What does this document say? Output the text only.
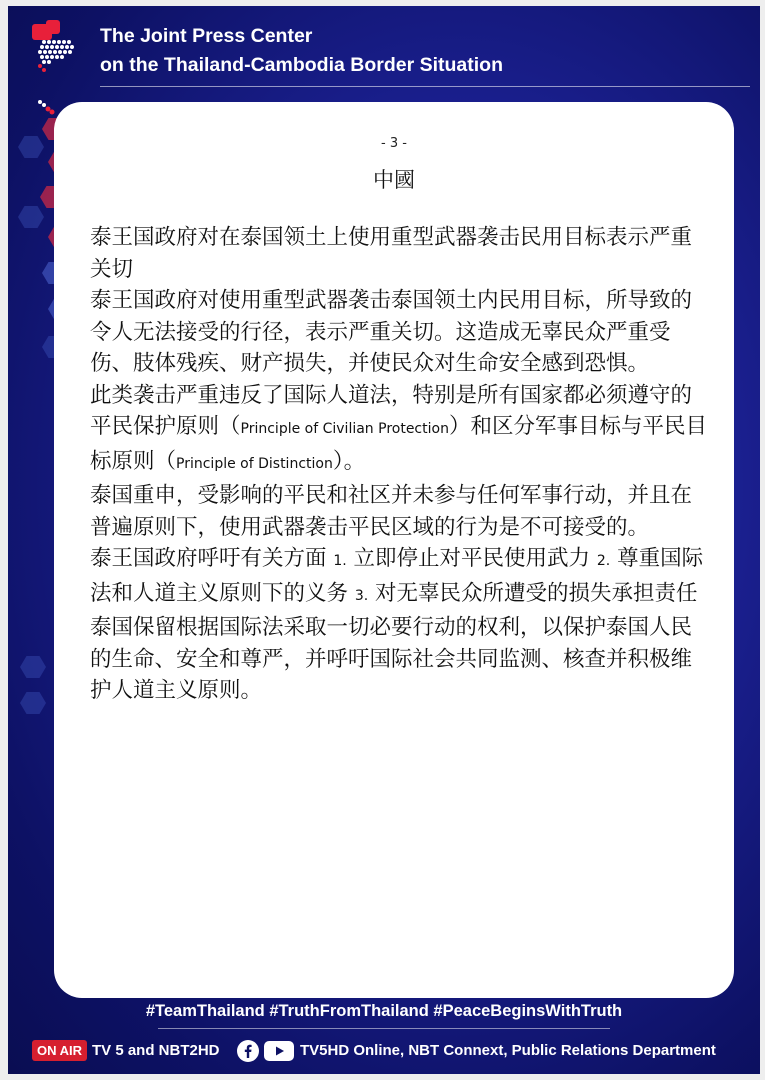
The Joint Press Center
on the Thailand-Cambodia Border Situation
- 3 -
中國

泰王国政府对在泰国领土上使用重型武器袭击民用目标表示严重关切

泰王国政府对使用重型武器袭击泰国领土内民用目标，所导致的令人无法接受的行径，表示严重关切。这造成无辜民众严重受伤、肢体残疾、财产损失，并使民众对生命安全感到恐惧。

此类袭击严重违反了国际人道法，特别是所有国家都必须遵守的平民保护原则（Principle of Civilian Protection）和区分军事目标与平民目标原则（Principle of Distinction）。

泰国重申，受影响的平民和社区并未参与任何军事行动，并且在普遍原则下，使用武器袭击平民区域的行为是不可接受的。

泰王国政府呼吁有关方面 1. 立即停止对平民使用武力 2. 尊重国际法和人道主义原则下的义务 3. 对无辜民众所遭受的损失承担责任

泰国保留根据国际法采取一切必要行动的权利，以保护泰国人民的生命、安全和尊严，并呼吁国际社会共同监测、核查并积极维护人道主义原则。

#TeamThailand #TruthFromThailand #PeaceBeginsWithTruth
ON AIR TV 5 and NBT2HD	TV5HD Online, NBT Connext, Public Relations Department
